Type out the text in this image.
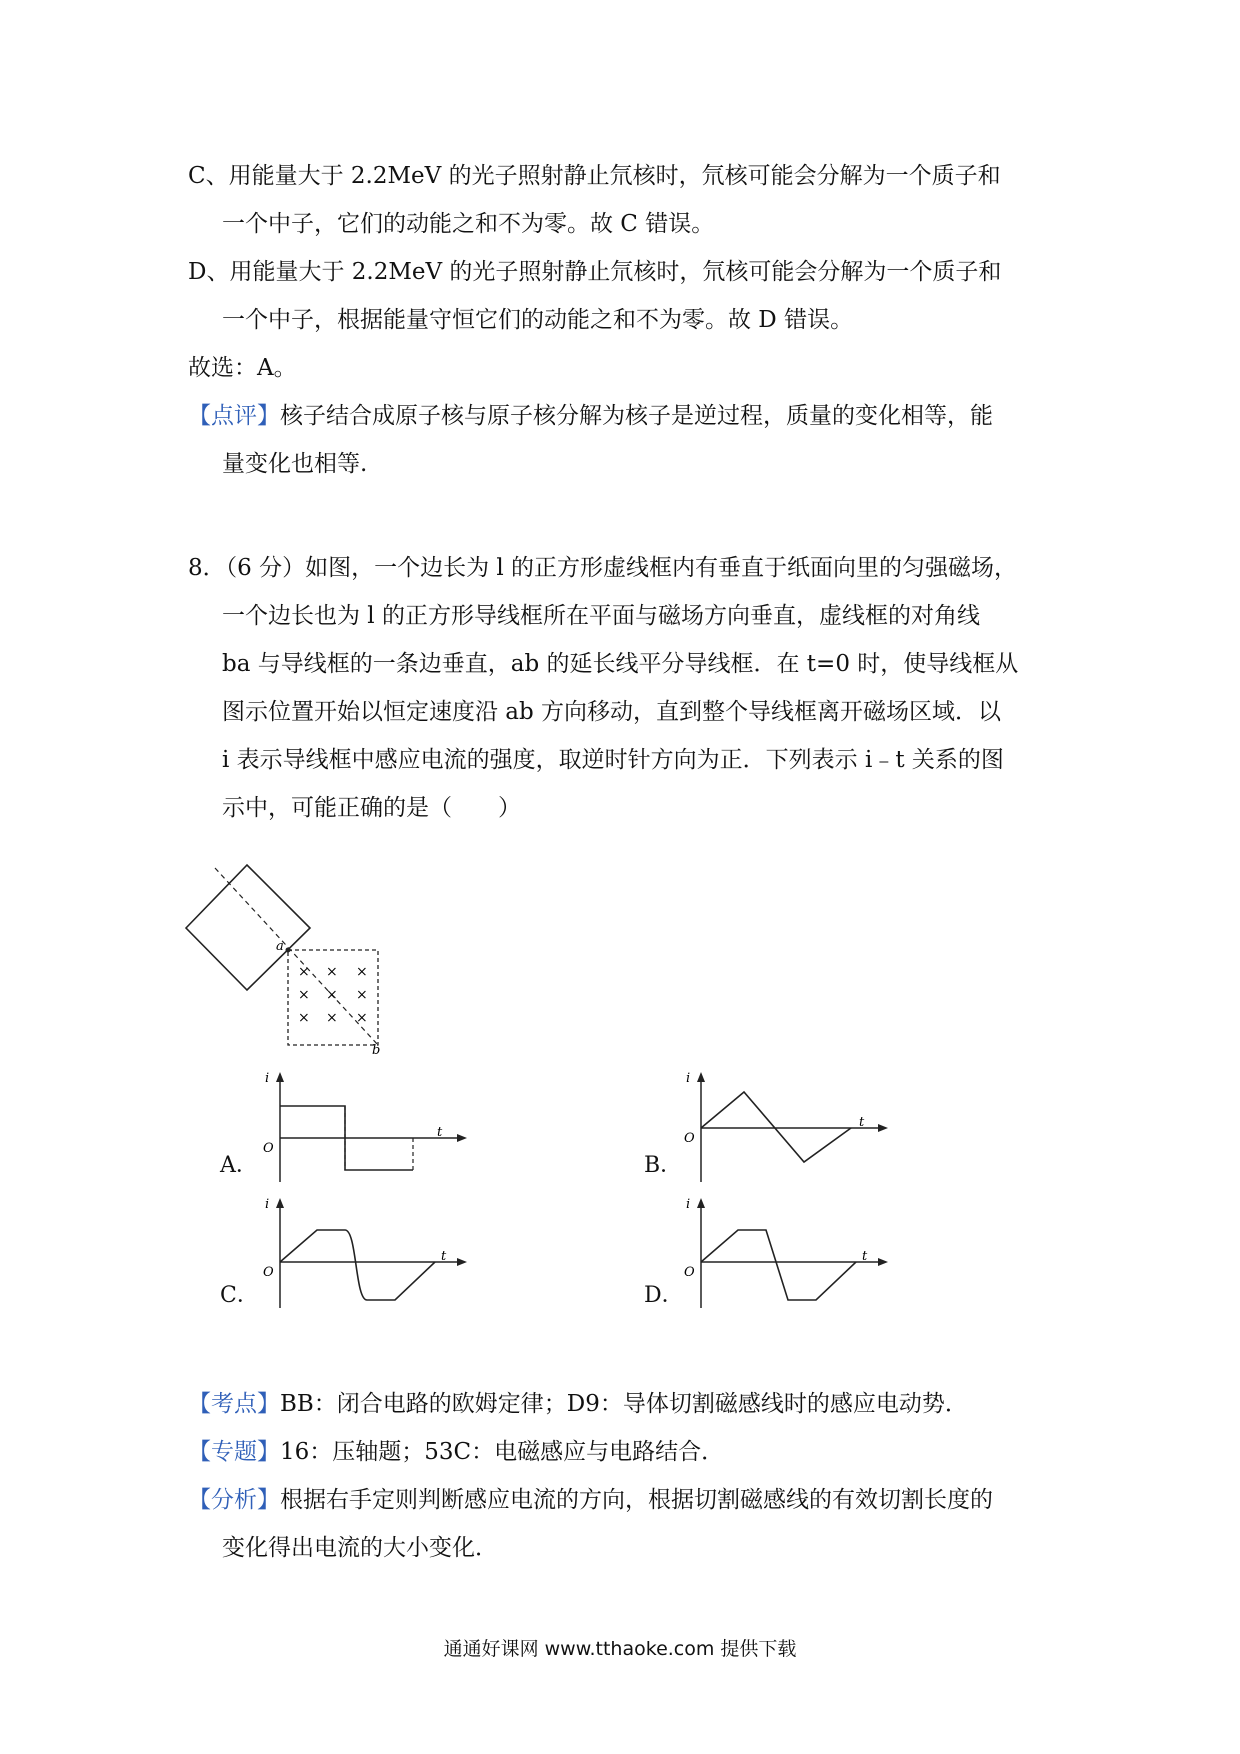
C、用能量大于 2.2MeV 的光子照射静止氘核时，氘核可能会分解为一个质子和
一个中子，它们的动能之和不为零。故 C 错误。
D、用能量大于 2.2MeV 的光子照射静止氘核时，氘核可能会分解为一个质子和
一个中子，根据能量守恒它们的动能之和不为零。故 D 错误。
故选：A。
【点评】核子结合成原子核与原子核分解为核子是逆过程，质量的变化相等，能
量变化也相等.
8．（6 分）如图，一个边长为 l 的正方形虚线框内有垂直于纸面向里的匀强磁场，
一个边长也为 l 的正方形导线框所在平面与磁场方向垂直，虚线框的对角线
ba 与导线框的一条边垂直，ab 的延长线平分导线框．在 t=0 时，使导线框从
图示位置开始以恒定速度沿 ab 方向移动，直到整个导线框离开磁场区域．以
i 表示导线框中感应电流的强度，取逆时针方向为正．下列表示 i﹣t 关系的图
示中，可能正确的是（　　）
a
b
× × ×
× × ×
× × ×
i
t
O
A．
i
t
O
B．
i
t
O
C．
i
t
O
D．
【考点】BB：闭合电路的欧姆定律；D9：导体切割磁感线时的感应电动势．
【专题】16：压轴题；53C：电磁感应与电路结合．
【分析】根据右手定则判断感应电流的方向，根据切割磁感线的有效切割长度的
变化得出电流的大小变化．
通通好课网 www.tthaoke.com 提供下载
